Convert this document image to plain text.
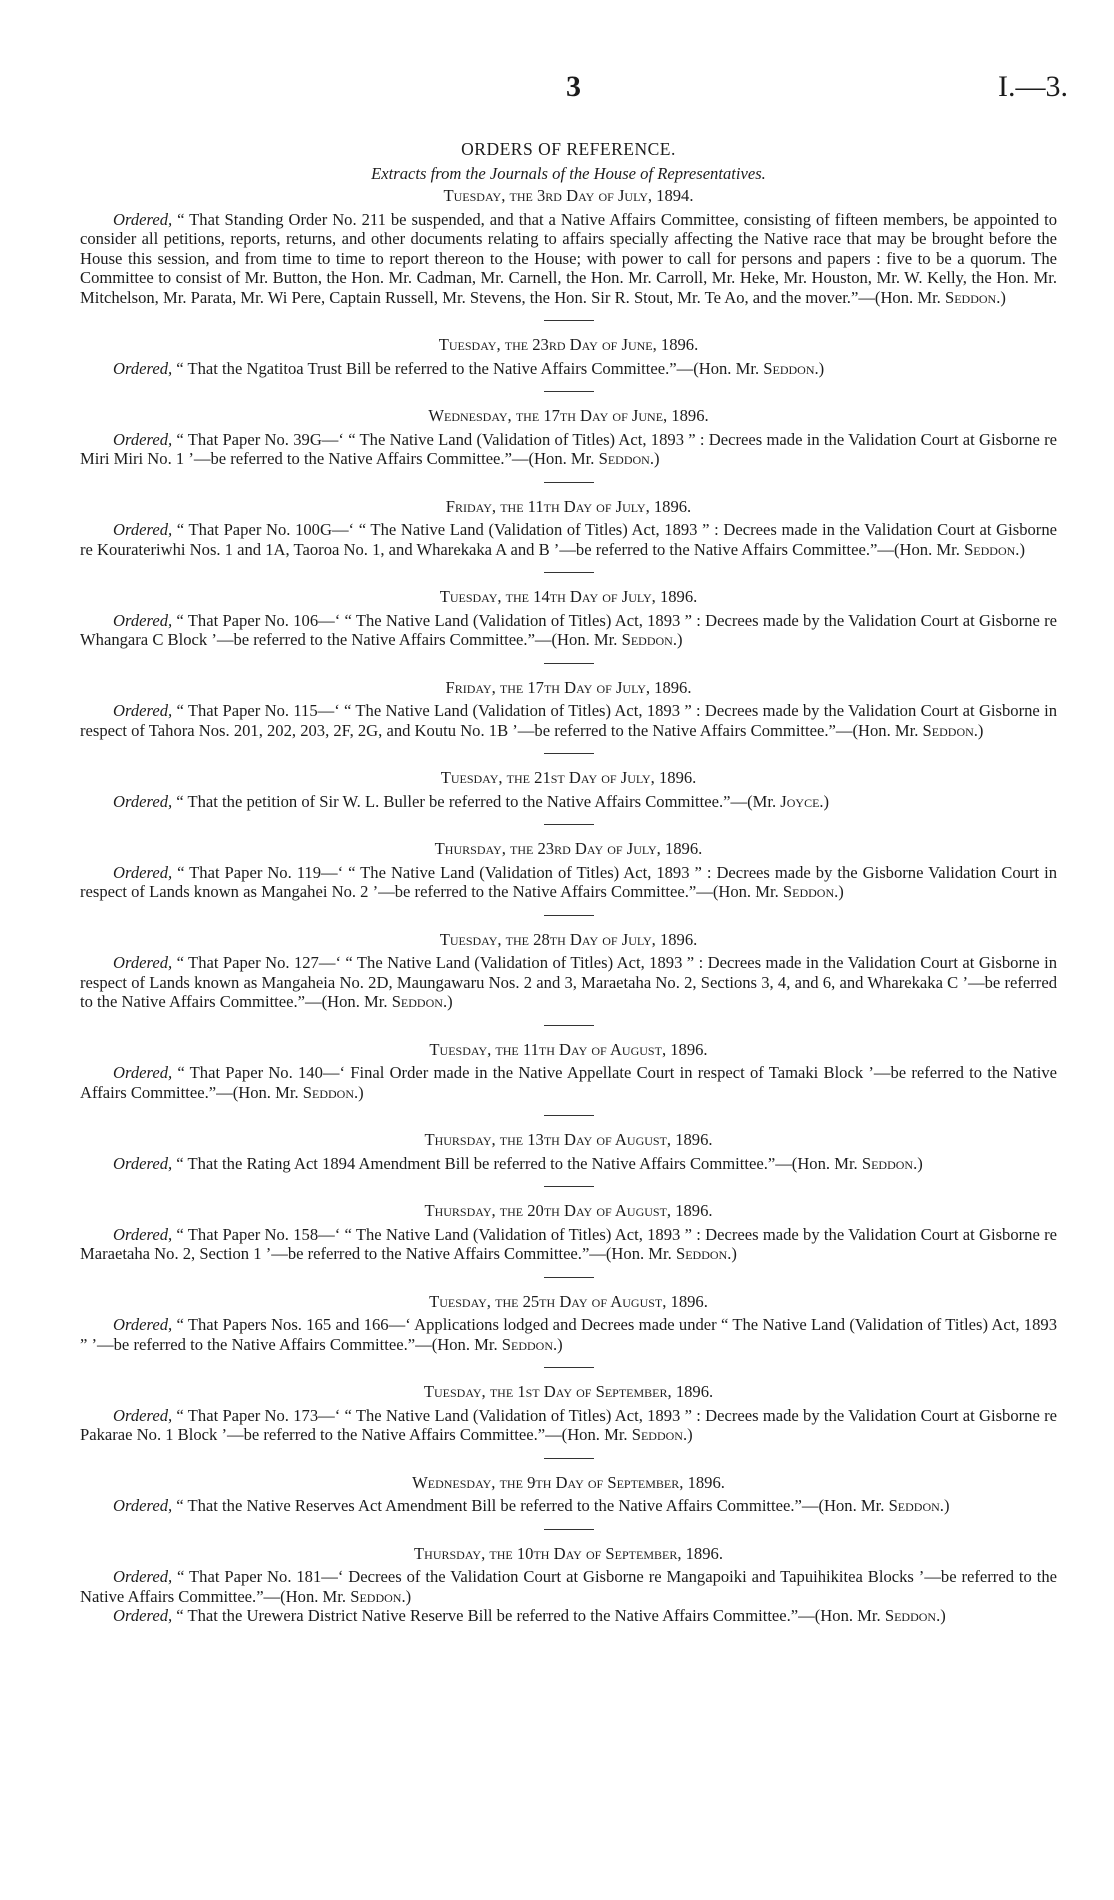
3	I.—3.

ORDERS OF REFERENCE.

Extracts from the Journals of the House of Representatives.

Tuesday, the 3rd Day of July, 1894.

Ordered, “ That Standing Order No. 211 be suspended, and that a Native Affairs Committee, consisting of fifteen members, be appointed to consider all petitions, reports, returns, and other documents relating to affairs specially affecting the Native race that may be brought before the House this session, and from time to time to report thereon to the House; with power to call for persons and papers : five to be a quorum. The Committee to consist of Mr. Button, the Hon. Mr. Cadman, Mr. Carnell, the Hon. Mr. Carroll, Mr. Heke, Mr. Houston, Mr. W. Kelly, the Hon. Mr. Mitchelson, Mr. Parata, Mr. Wi Pere, Captain Russell, Mr. Stevens, the Hon. Sir R. Stout, Mr. Te Ao, and the mover.”—(Hon. Mr. Seddon.)

Tuesday, the 23rd Day of June, 1896.

Ordered, “ That the Ngatitoa Trust Bill be referred to the Native Affairs Committee.”—(Hon. Mr. Seddon.)

Wednesday, the 17th Day of June, 1896.

Ordered, “ That Paper No. 39G—‘ “ The Native Land (Validation of Titles) Act, 1893 ” : Decrees made in the Validation Court at Gisborne re Miri Miri No. 1 ’—be referred to the Native Affairs Committee.”—(Hon. Mr. Seddon.)

Friday, the 11th Day of July, 1896.

Ordered, “ That Paper No. 100G—‘ “ The Native Land (Validation of Titles) Act, 1893 ” : Decrees made in the Validation Court at Gisborne re Kourateriwhi Nos. 1 and 1A, Taoroa No. 1, and Wharekaka A and B ’—be referred to the Native Affairs Committee.”—(Hon. Mr. Seddon.)

Tuesday, the 14th Day of July, 1896.

Ordered, “ That Paper No. 106—‘ “ The Native Land (Validation of Titles) Act, 1893 ” : Decrees made by the Validation Court at Gisborne re Whangara C Block ’—be referred to the Native Affairs Committee.”—(Hon. Mr. Seddon.)

Friday, the 17th Day of July, 1896.

Ordered, “ That Paper No. 115—‘ “ The Native Land (Validation of Titles) Act, 1893 ” : Decrees made by the Validation Court at Gisborne in respect of Tahora Nos. 201, 202, 203, 2F, 2G, and Koutu No. 1B ’—be referred to the Native Affairs Committee.”—(Hon. Mr. Seddon.)

Tuesday, the 21st Day of July, 1896.

Ordered, “ That the petition of Sir W. L. Buller be referred to the Native Affairs Committee.”—(Mr. Joyce.)

Thursday, the 23rd Day of July, 1896.

Ordered, “ That Paper No. 119—‘ “ The Native Land (Validation of Titles) Act, 1893 ” : Decrees made by the Gisborne Validation Court in respect of Lands known as Mangahei No. 2 ’—be referred to the Native Affairs Committee.”—(Hon. Mr. Seddon.)

Tuesday, the 28th Day of July, 1896.

Ordered, “ That Paper No. 127—‘ “ The Native Land (Validation of Titles) Act, 1893 ” : Decrees made in the Validation Court at Gisborne in respect of Lands known as Mangaheia No. 2D, Maungawaru Nos. 2 and 3, Maraetaha No. 2, Sections 3, 4, and 6, and Wharekaka C ’—be referred to the Native Affairs Committee.”—(Hon. Mr. Seddon.)

Tuesday, the 11th Day of August, 1896.

Ordered, “ That Paper No. 140—‘ Final Order made in the Native Appellate Court in respect of Tamaki Block ’—be referred to the Native Affairs Committee.”—(Hon. Mr. Seddon.)

Thursday, the 13th Day of August, 1896.

Ordered, “ That the Rating Act 1894 Amendment Bill be referred to the Native Affairs Committee.”—(Hon. Mr. Seddon.)

Thursday, the 20th Day of August, 1896.

Ordered, “ That Paper No. 158—‘ “ The Native Land (Validation of Titles) Act, 1893 ” : Decrees made by the Validation Court at Gisborne re Maraetaha No. 2, Section 1 ’—be referred to the Native Affairs Committee.”—(Hon. Mr. Seddon.)

Tuesday, the 25th Day of August, 1896.

Ordered, “ That Papers Nos. 165 and 166—‘ Applications lodged and Decrees made under “ The Native Land (Validation of Titles) Act, 1893 ” ’—be referred to the Native Affairs Committee.”—(Hon. Mr. Seddon.)

Tuesday, the 1st Day of September, 1896.

Ordered, “ That Paper No. 173—‘ “ The Native Land (Validation of Titles) Act, 1893 ” : Decrees made by the Validation Court at Gisborne re Pakarae No. 1 Block ’—be referred to the Native Affairs Committee.”—(Hon. Mr. Seddon.)

Wednesday, the 9th Day of September, 1896.

Ordered, “ That the Native Reserves Act Amendment Bill be referred to the Native Affairs Committee.”—(Hon. Mr. Seddon.)

Thursday, the 10th Day of September, 1896.

Ordered, “ That Paper No. 181—‘ Decrees of the Validation Court at Gisborne re Mangapoiki and Tapuihikitea Blocks ’—be referred to the Native Affairs Committee.”—(Hon. Mr. Seddon.)

Ordered, “ That the Urewera District Native Reserve Bill be referred to the Native Affairs Committee.”—(Hon. Mr. Seddon.)
